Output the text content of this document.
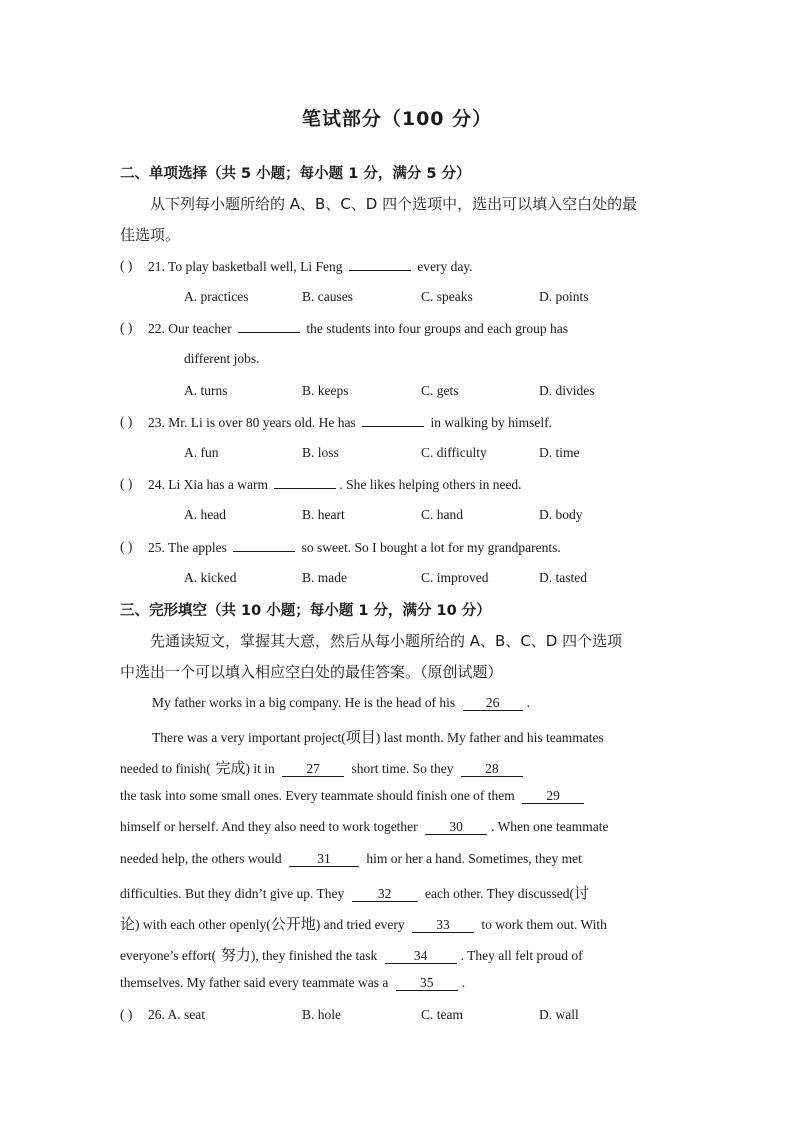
笔试部分（100 分）
二、单项选择（共 5 小题；每小题 1 分，满分 5 分）
从下列每小题所给的 A、B、C、D 四个选项中，选出可以填入空白处的最
佳选项。
( ) 21. To play basketball well, Li Feng	every day.
A. practices	B. causes	C. speaks	D. points
( ) 22. Our teacher	the students into four groups and each group has
different jobs.
A. turns	B. keeps	C. gets	D. divides
( ) 23. Mr. Li is over 80 years old. He has	in walking by himself.
A. fun	B. loss	C. difficulty	D. time
( ) 24. Li Xia has a warm	. She likes helping others in need.
A. head	B. heart	C. hand	D. body
( ) 25. The apples	so sweet. So I bought a lot for my grandparents.
A. kicked	B. made	C. improved	D. tasted
三、完形填空（共 10 小题；每小题 1 分，满分 10 分）
先通读短文，掌握其大意，然后从每小题所给的 A、B、C、D 四个选项
中选出一个可以填入相应空白处的最佳答案。（原创试题）
My father works in a big company. He is the head of his 26 .
There was a very important project(项目) last month. My father and his teammates
needed to finish( 完成) it in 27 short time. So they 28
the task into some small ones. Every teammate should finish one of them 29
himself or herself. And they also need to work together 30 . When one teammate
needed help, the others would	31	him or her a hand. Sometimes, they met
difficulties. But they didn’t give up. They 32 each other. They discussed(讨
论) with each other openly(公开地) and tried every 33 to work them out. With
everyone’s effort( 努力), they finished the task	34 . They all felt proud of
themselves. My father said every teammate was a 35 .
( ) 26. A. seat	B. hole	C. team	D. wall
